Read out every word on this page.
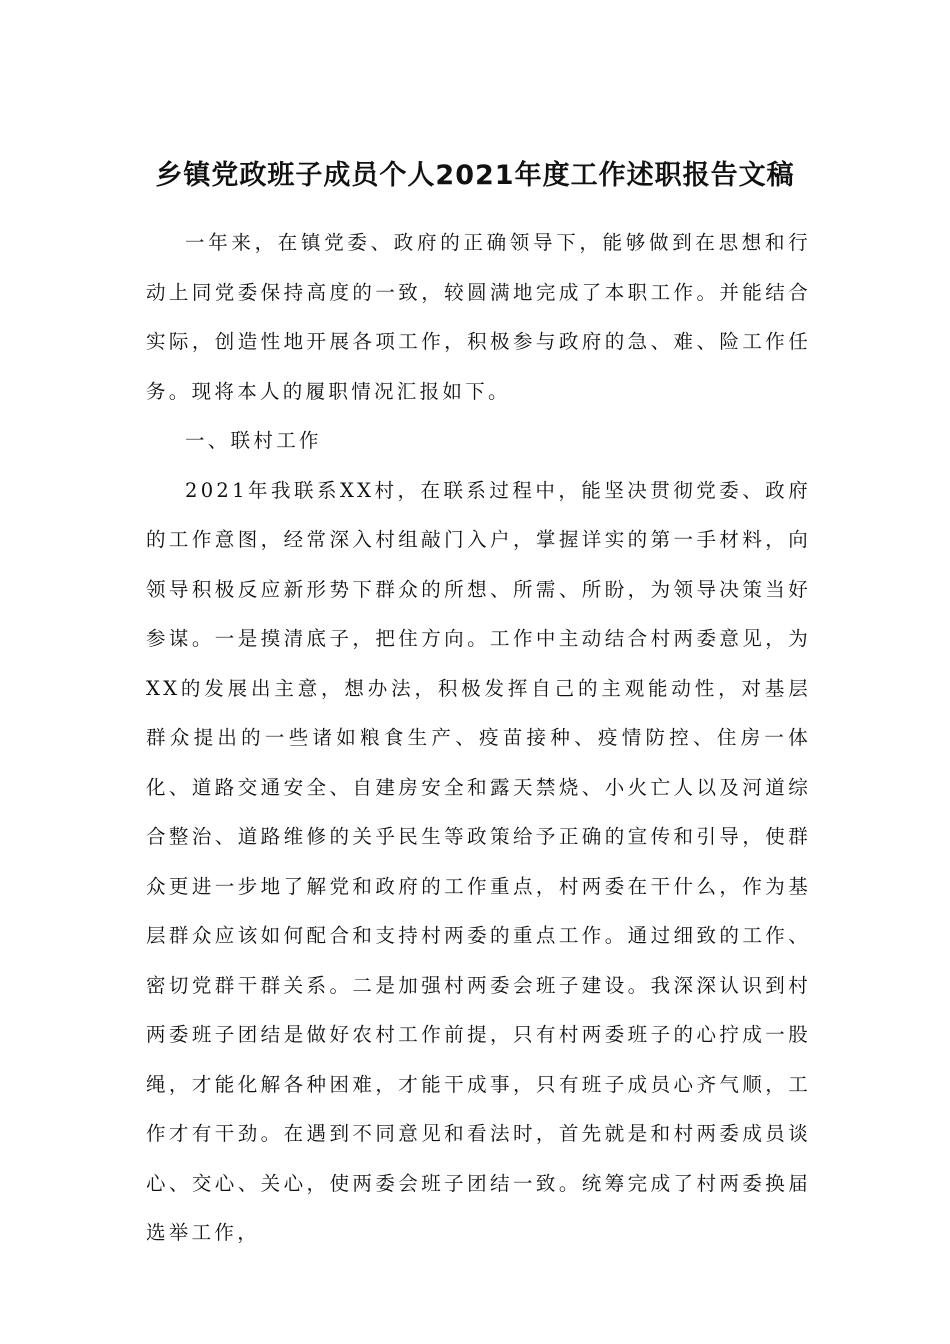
乡镇党政班子成员个人2021年度工作述职报告文稿

一年来，在镇党委、政府的正确领导下，能够做到在思想和行动上同党委保持高度的一致，较圆满地完成了本职工作。并能结合实际，创造性地开展各项工作，积极参与政府的急、难、险工作任务。现将本人的履职情况汇报如下。

一、联村工作

2021年我联系XX村，在联系过程中，能坚决贯彻党委、政府的工作意图，经常深入村组敲门入户，掌握详实的第一手材料，向领导积极反应新形势下群众的所想、所需、所盼，为领导决策当好参谋。一是摸清底子，把住方向。工作中主动结合村两委意见，为XX的发展出主意，想办法，积极发挥自己的主观能动性，对基层群众提出的一些诸如粮食生产、疫苗接种、疫情防控、住房一体化、道路交通安全、自建房安全和露天禁烧、小火亡人以及河道综合整治、道路维修的关乎民生等政策给予正确的宣传和引导，使群众更进一步地了解党和政府的工作重点，村两委在干什么，作为基层群众应该如何配合和支持村两委的重点工作。通过细致的工作、密切党群干群关系。二是加强村两委会班子建设。我深深认识到村两委班子团结是做好农村工作前提，只有村两委班子的心拧成一股绳，才能化解各种困难，才能干成事，只有班子成员心齐气顺，工作才有干劲。在遇到不同意见和看法时，首先就是和村两委成员谈心、交心、关心，使两委会班子团结一致。统筹完成了村两委换届选举工作，
